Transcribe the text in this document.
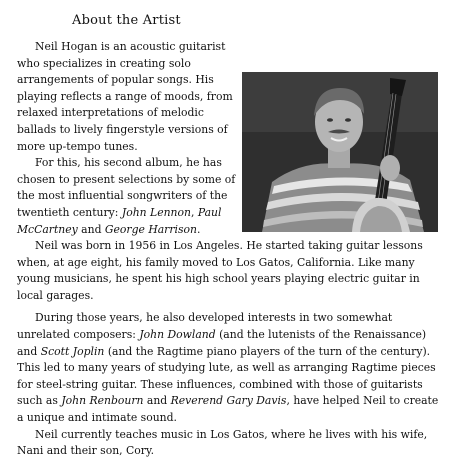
About the Artist

Neil Hogan is an acoustic guitarist who specializes in creating solo arrangements of popular songs. His playing reflects a range of moods, from relaxed interpretations of melodic ballads to lively fingerstyle versions of more up-tempo tunes.

For this, his second album, he has chosen to present selections by some of the most influential songwriters of the twentieth century: John Lennon, Paul McCartney and George Harrison.

Neil was born in 1956 in Los Angeles. He started taking guitar lessons when, at age eight, his family moved to Los Gatos, California. Like many young musicians, he spent his high school years playing electric guitar in local garages.

During those years, he also developed interests in two somewhat unrelated composers: John Dowland (and the lutenists of the Renaissance) and Scott Joplin (and the Ragtime piano players of the turn of the century). This led to many years of studying lute, as well as arranging Ragtime pieces for steel-string guitar. These influences, combined with those of guitarists such as John Renbourn and Reverend Gary Davis, have helped Neil to create a unique and intimate sound.

Neil currently teaches music in Los Gatos, where he lives with his wife, Nani and their son, Cory.
